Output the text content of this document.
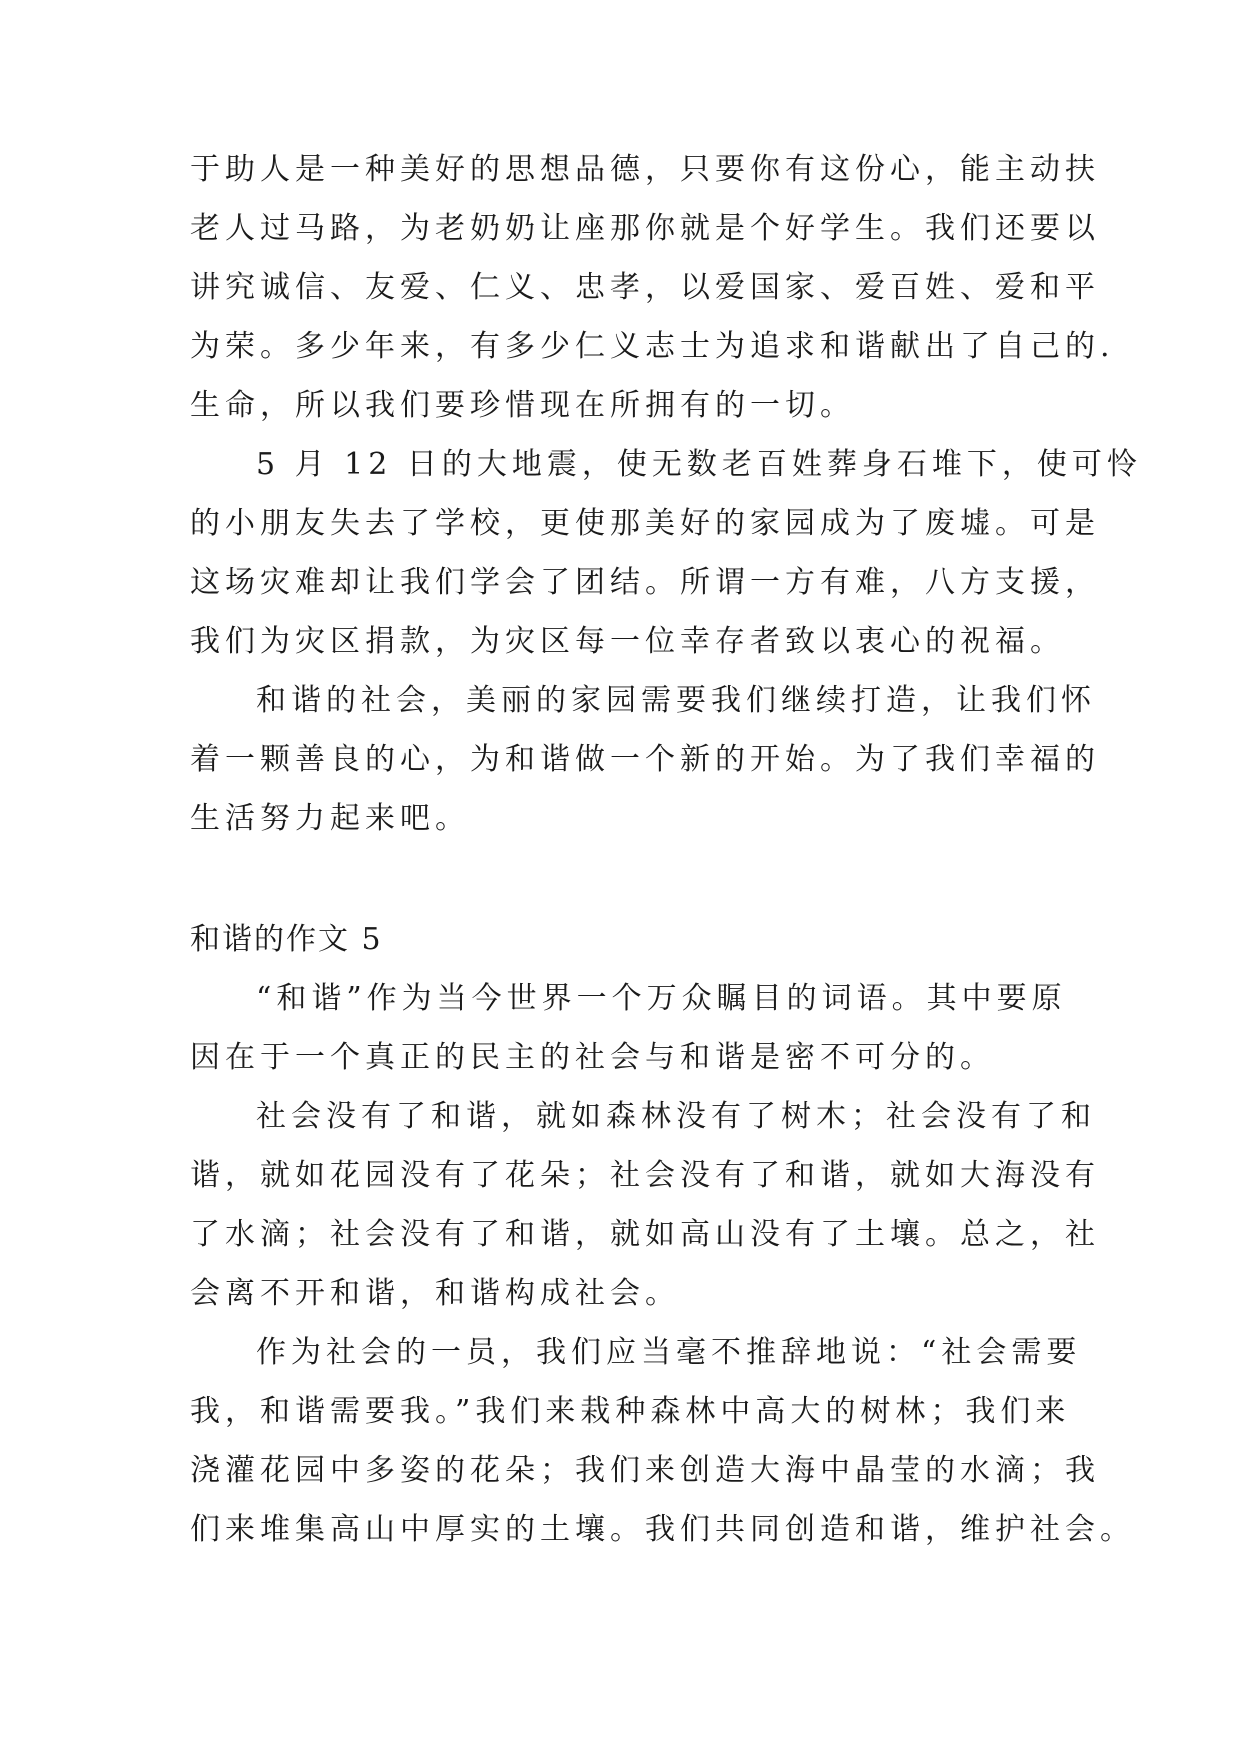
于助人是一种美好的思想品德，只要你有这份心，能主动扶
老人过马路，为老奶奶让座那你就是个好学生。我们还要以
讲究诚信、友爱、仁义、忠孝，以爱国家、爱百姓、爱和平
为荣。多少年来，有多少仁义志士为追求和谐献出了自己的.
生命，所以我们要珍惜现在所拥有的一切。
5 月 12 日的大地震，使无数老百姓葬身石堆下，使可怜
的小朋友失去了学校，更使那美好的家园成为了废墟。可是
这场灾难却让我们学会了团结。所谓一方有难，八方支援，
我们为灾区捐款，为灾区每一位幸存者致以衷心的祝福。
和谐的社会，美丽的家园需要我们继续打造，让我们怀
着一颗善良的心，为和谐做一个新的开始。为了我们幸福的
生活努力起来吧。
和谐的作文 5
“和谐”作为当今世界一个万众瞩目的词语。其中要原
因在于一个真正的民主的社会与和谐是密不可分的。
社会没有了和谐，就如森林没有了树木；社会没有了和
谐，就如花园没有了花朵；社会没有了和谐，就如大海没有
了水滴；社会没有了和谐，就如高山没有了土壤。总之，社
会离不开和谐，和谐构成社会。
作为社会的一员，我们应当毫不推辞地说：“社会需要
我，和谐需要我。”我们来栽种森林中高大的树林；我们来
浇灌花园中多姿的花朵；我们来创造大海中晶莹的水滴；我
们来堆集高山中厚实的土壤。我们共同创造和谐，维护社会。
